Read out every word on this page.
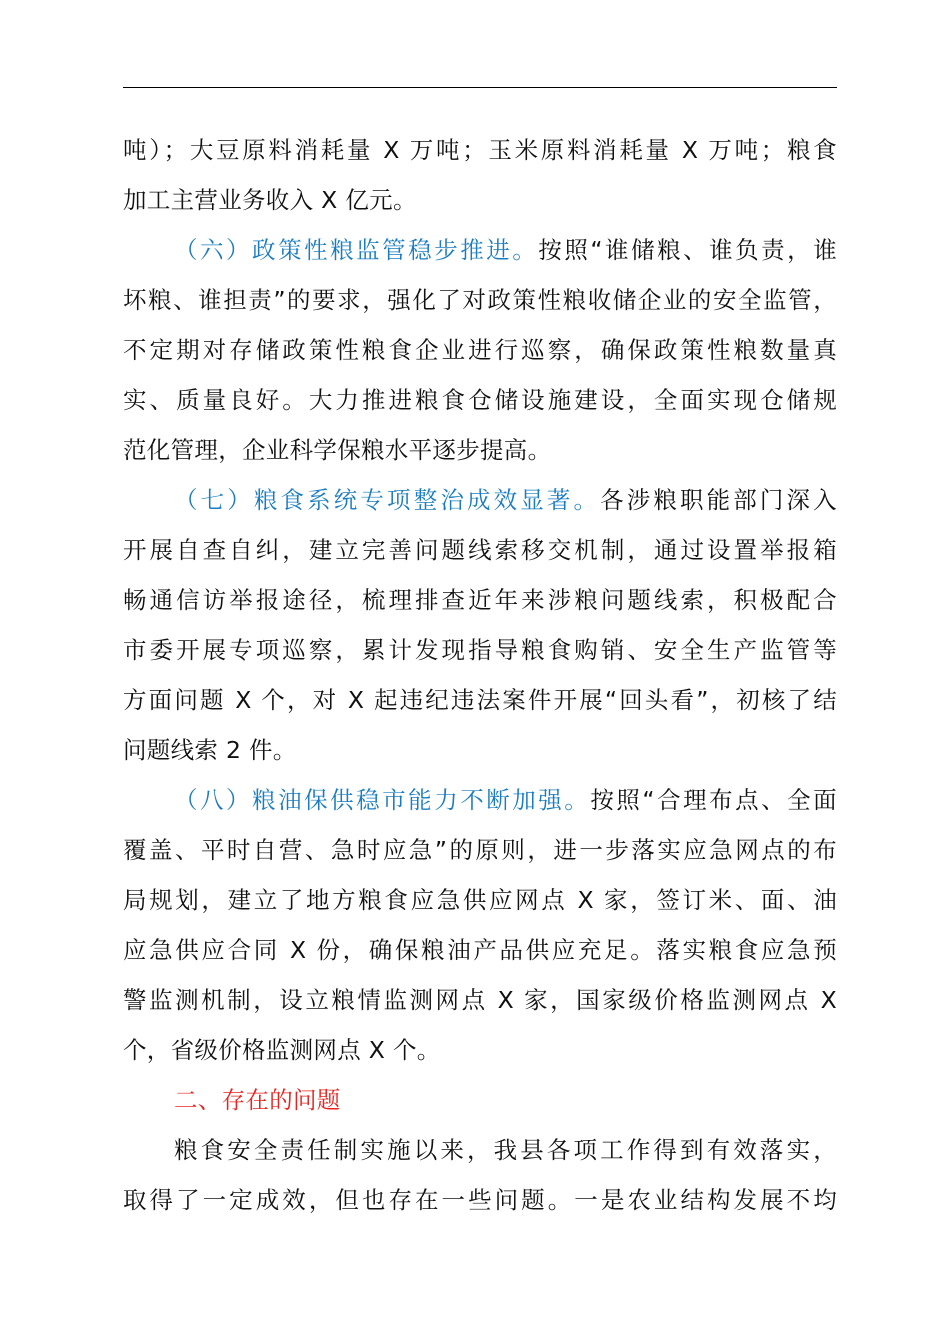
吨）；大豆原料消耗量 X 万吨；玉米原料消耗量 X 万吨；粮食
加工主营业务收入 X 亿元。
（六）政策性粮监管稳步推进。按照“谁储粮、谁负责，谁
坏粮、谁担责”的要求，强化了对政策性粮收储企业的安全监管，
不定期对存储政策性粮食企业进行巡察，确保政策性粮数量真
实、质量良好。大力推进粮食仓储设施建设，全面实现仓储规
范化管理，企业科学保粮水平逐步提高。
（七）粮食系统专项整治成效显著。各涉粮职能部门深入
开展自查自纠，建立完善问题线索移交机制，通过设置举报箱
畅通信访举报途径，梳理排查近年来涉粮问题线索，积极配合
市委开展专项巡察，累计发现指导粮食购销、安全生产监管等
方面问题 X 个，对 X 起违纪违法案件开展“回头看”，初核了结
问题线索 2 件。
（八）粮油保供稳市能力不断加强。按照“合理布点、全面
覆盖、平时自营、急时应急”的原则，进一步落实应急网点的布
局规划，建立了地方粮食应急供应网点 X 家，签订米、面、油
应急供应合同 X 份，确保粮油产品供应充足。落实粮食应急预
警监测机制，设立粮情监测网点 X 家，国家级价格监测网点 X
个，省级价格监测网点 X 个。
二、存在的问题
粮食安全责任制实施以来，我县各项工作得到有效落实，
取得了一定成效，但也存在一些问题。一是农业结构发展不均
